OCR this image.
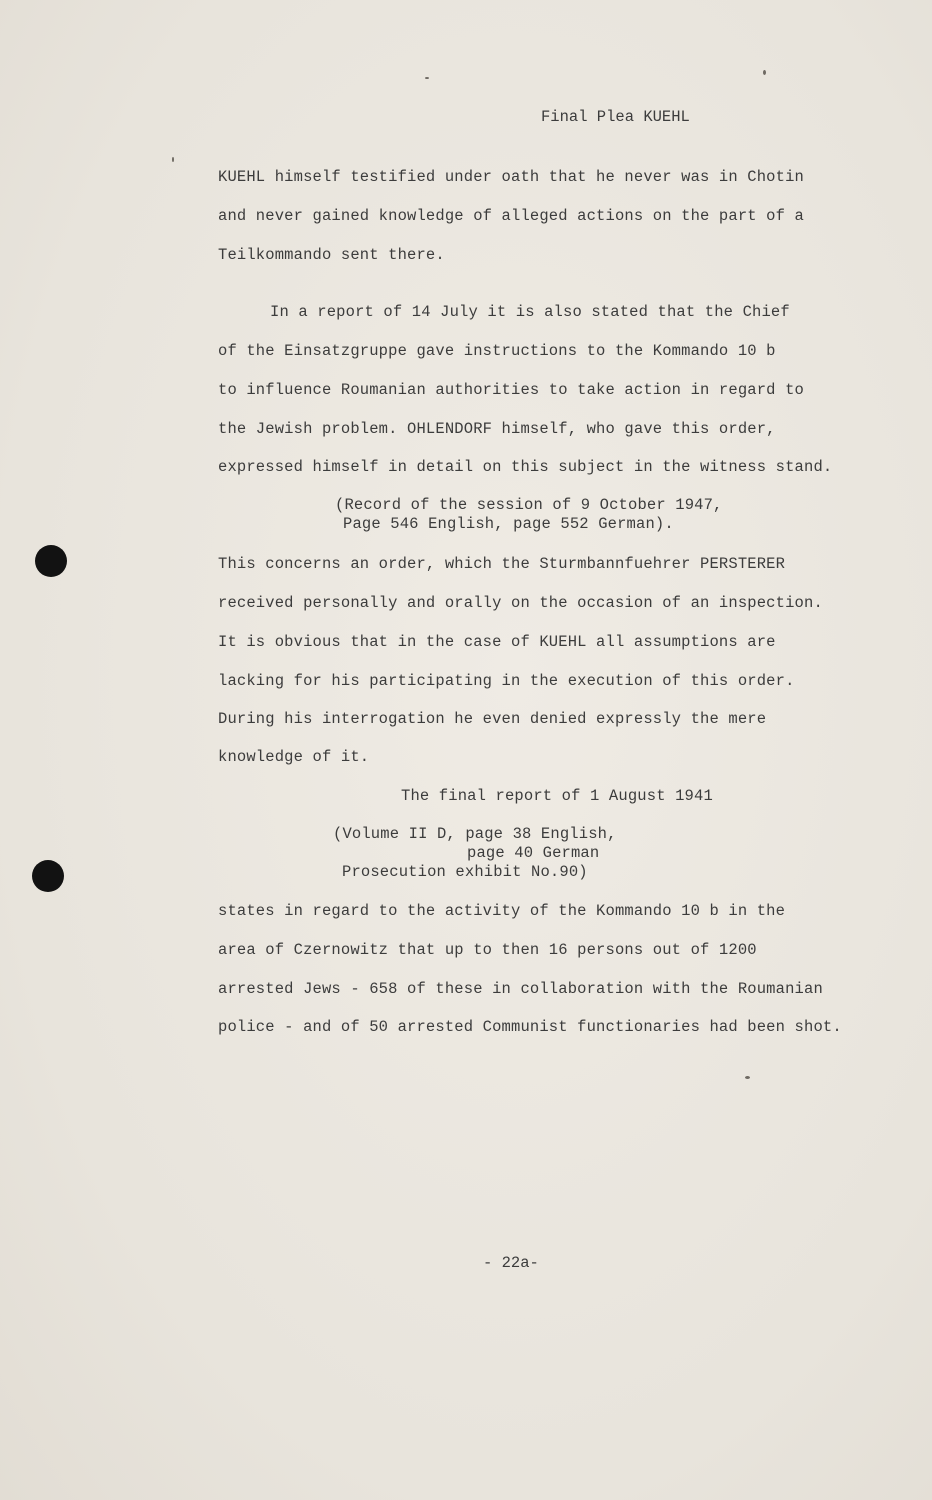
Final Plea KUEHL
KUEHL himself testified under oath that he never was in Chotin
and never gained knowledge of alleged actions on the part of a
Teilkommando sent there.
In a report of 14 July it is also stated that the Chief
of the Einsatzgruppe gave instructions to the Kommando 10 b
to influence Roumanian authorities to take action in regard to
the Jewish problem. OHLENDORF himself, who gave this order,
expressed himself in detail on this subject in the witness stand.
(Record of the session of 9 October 1947,
Page 546 English, page 552 German).
This concerns an order, which the Sturmbannfuehrer PERSTERER
received personally and orally on the occasion of an inspection.
It is obvious that in the case of KUEHL all assumptions are
lacking for his participating in the execution of this order.
During his interrogation he even denied expressly the mere
knowledge of it.
The final report of 1 August 1941
(Volume II D, page 38 English,
page 40 German
Prosecution exhibit No.90)
states in regard to the activity of the Kommando 10 b in the
area of Czernowitz that up to then 16 persons out of 1200
arrested Jews - 658 of these in collaboration with the Roumanian
police - and of 50 arrested Communist functionaries had been shot.
- 22a-
